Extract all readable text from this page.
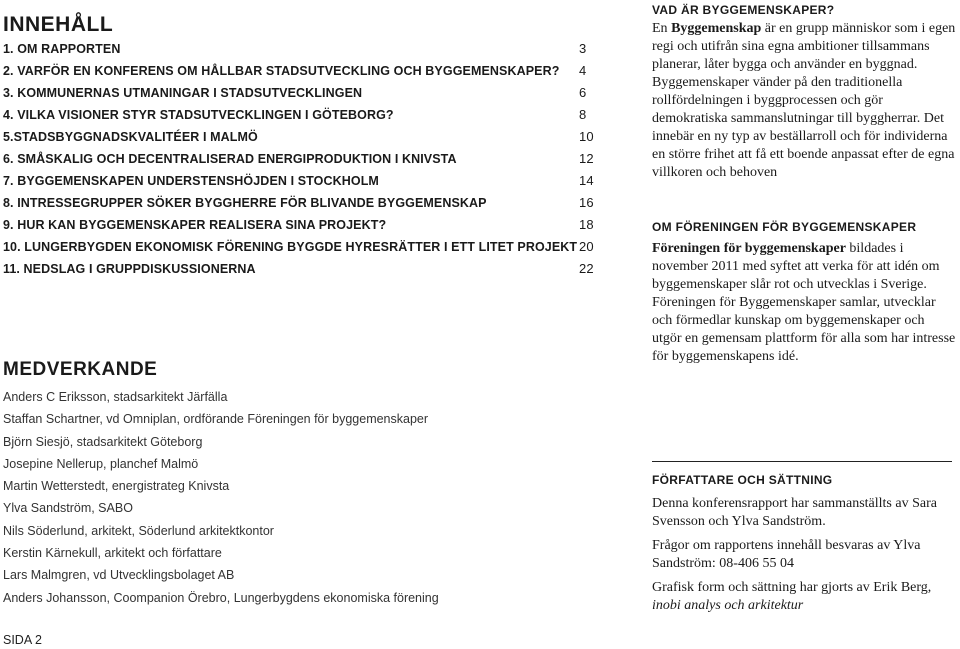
INNEHÅLL
1. OM RAPPORTEN	3
2. VARFÖR EN KONFERENS OM HÅLLBAR STADSUTVECKLING OCH BYGGEMENSKAPER? 4
3. KOMMUNERNAS UTMANINGAR I STADSUTVECKLINGEN	6
4. VILKA VISIONER STYR STADSUTVECKLINGEN I GÖTEBORG?	8
5.STADSBYGGNADSKVALITÉER I MALMÖ	10
6. SMÅSKALIG OCH DECENTRALISERAD ENERGIPRODUKTION I KNIVSTA	12
7. BYGGEMENSKAPEN UNDERSTENSHÖJDEN I STOCKHOLM	14
8. INTRESSEGRUPPER SÖKER BYGGHERRE FÖR BLIVANDE BYGGEMENSKAP	16
9. HUR KAN BYGGEMENSKAPER REALISERA SINA PROJEKT?	18
10. LUNGERBYGDEN EKONOMISK FÖRENING BYGGDE HYRESRÄTTER I ETT LITET PROJEKT 20
11. NEDSLAG I GRUPPDISKUSSIONERNA	22
MEDVERKANDE
Anders C Eriksson, stadsarkitekt Järfälla
Staffan Schartner, vd Omniplan, ordförande Föreningen för byggemenskaper
Björn Siesjö, stadsarkitekt Göteborg
Josepine Nellerup, planchef Malmö
Martin Wetterstedt, energistrateg Knivsta
Ylva Sandström, SABO
Nils Söderlund, arkitekt, Söderlund arkitektkontor
Kerstin Kärnekull, arkitekt och författare
Lars Malmgren, vd Utvecklingsbolaget AB
Anders Johansson, Coompanion Örebro, Lungerbygdens ekonomiska förening
SIDA 2
VAD ÄR BYGGEMENSKAPER?

En Byggemenskap är en grupp människor som i egen regi och utifrån sina egna ambitioner tillsammans planerar, låter bygga och använder en byggnad. Byggemenskaper vänder på den traditionella rollfördelningen i byggprocessen och gör demokratiska sammanslutningar till byggherrar. Det innebär en ny typ av beställarroll och för individerna en större frihet att få ett boende anpassat efter de egna villkoren och behoven

OM FÖRENINGEN FÖR BYGGEMENSKAPER

Föreningen för byggemenskaper bildades i november 2011 med syftet att verka för att idén om byggemenskaper slår rot och utvecklas i Sverige. Föreningen för Byggemenskaper samlar, utvecklar och förmedlar kunskap om byggemenskaper och utgör en gemensam plattform för alla som har intresse för byggemenskapens idé.

FÖRFATTARE OCH SÄTTNING

Denna konferensrapport har sammanställts av Sara Svensson och Ylva Sandström.

Frågor om rapportens innehåll besvaras av Ylva Sandström: 08-406 55 04

Grafisk form och sättning har gjorts av Erik Berg,
inobi analys och arkitektur
